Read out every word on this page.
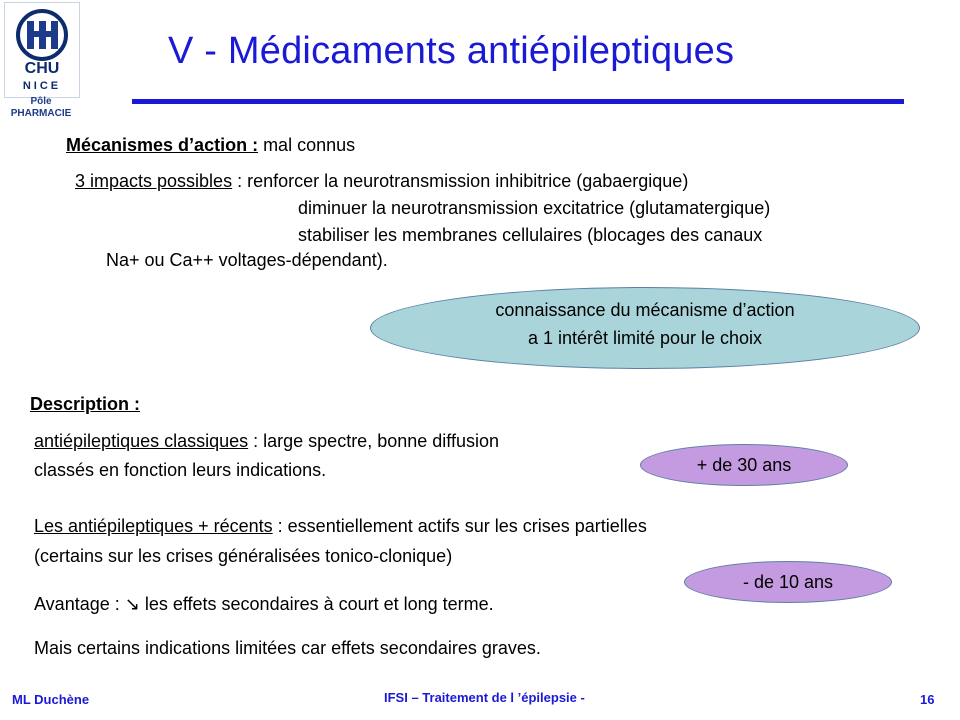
CHU
NICE
Pôle
PHARMACIE
V - Médicaments antiépileptiques
Mécanismes d’action : mal connus
3 impacts possibles : renforcer la neurotransmission inhibitrice (gabaergique)
diminuer la neurotransmission excitatrice (glutamatergique)
stabiliser les membranes cellulaires (blocages des canaux
Na+ ou Ca++ voltages-dépendant).
connaissance du mécanisme d’action
a 1 intérêt limité pour le choix
Description :
antiépileptiques classiques : large spectre, bonne diffusion
classés en fonction leurs indications.	+ de 30 ans
Les antiépileptiques + récents : essentiellement actifs sur les crises partielles
(certains sur les crises généralisées tonico-clonique)
- de 10 ans
Avantage : ↘ les effets secondaires à court et long terme.
Mais certains indications limitées car effets secondaires graves.
ML Duchène	IFSI – Traitement de l ’épilepsie -	16
